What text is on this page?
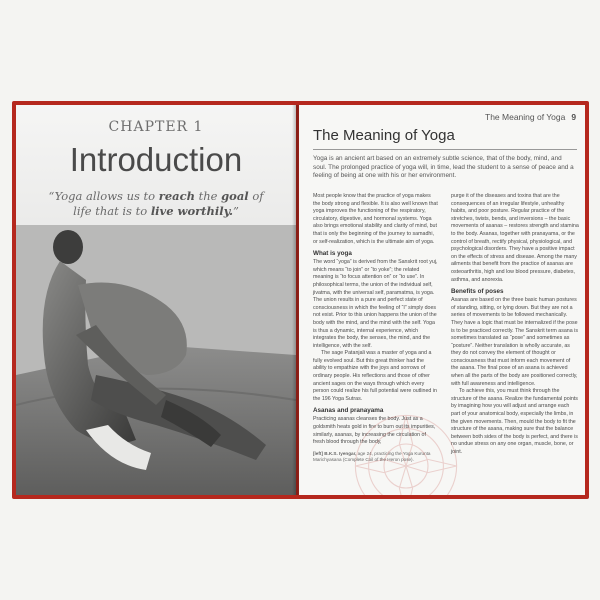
CHAPTER 1
Introduction
“Yoga allows us to reach the goal of life that is to live worthily.”
The Meaning of Yoga 9
The Meaning of Yoga
Yoga is an ancient art based on an extremely subtle science, that of the body, mind, and soul. The prolonged practice of yoga will, in time, lead the student to a sense of peace and a feeling of being at one with his or her environment.

Most people know that the practice of yoga makes the body strong and flexible. It is also well known that yoga improves the functioning of the respiratory, circulatory, digestive, and hormonal systems. Yoga also brings emotional stability and clarity of mind, but that is only the beginning of the journey to samadhi, or self-realization, which is the ultimate aim of yoga.

What is yoga

The word “yoga” is derived from the Sanskrit root yuj, which means “to join” or “to yoke”; the related meaning is “to focus attention on” or “to use”. In philosophical terms, the union of the individual self, jivatma, with the universal self, paramatma, is yoga. The union results in a pure and perfect state of consciousness in which the feeling of “I” simply does not exist. Prior to this union happens the union of the body with the mind, and the mind with the self. Yoga is thus a dynamic, internal experience, which integrates the body, the senses, the mind, and the intelligence, with the self.

The sage Patanjali was a master of yoga and a fully evolved soul. But this great thinker had the ability to empathize with the joys and sorrows of ordinary people. His reflections and those of other ancient sages on the ways through which every person could realize his full potential were outlined in the 196 Yoga Sutras.

Asanas and pranayama

Practicing asanas cleanses the body. Just as a goldsmith heats gold in fire to burn out its impurities, similarly, asanas, by increasing the circulation of fresh blood through the body,

[left] B.K.S. Iyengar, age 24, practicing the Yoga Kurunta Marichyasana (Complete Coil of the Heron pose).

purge it of the diseases and toxins that are the consequences of an irregular lifestyle, unhealthy habits, and poor posture. Regular practice of the stretches, twists, bends, and inversions – the basic movements of asanas – restores strength and stamina to the body. Asanas, together with pranayama, or the control of breath, rectify physical, physiological, and psychological disorders. They have a positive impact on the effects of stress and disease. Among the many ailments that benefit from the practice of asanas are osteoarthritis, high and low blood pressure, diabetes, asthma, and anorexia.

Benefits of poses

Asanas are based on the three basic human postures of standing, sitting, or lying down. But they are not a series of movements to be followed mechanically. They have a logic that must be internalized if the pose is to be practiced correctly. The Sanskrit term asana is sometimes translated as “pose” and sometimes as “posture”. Neither translation is wholly accurate, as they do not convey the element of thought or consciousness that must inform each movement of the asana. The final pose of an asana is achieved when all the parts of the body are positioned correctly, with full awareness and intelligence.

To achieve this, you must think through the structure of the asana. Realize the fundamental points by imagining how you will adjust and arrange each part of your anatomical body, especially the limbs, in the given movements. Then, mould the body to fit the structure of the asana, making sure that the balance between both sides of the body is perfect, and there is no undue stress on any one organ, muscle, bone, or joint.
